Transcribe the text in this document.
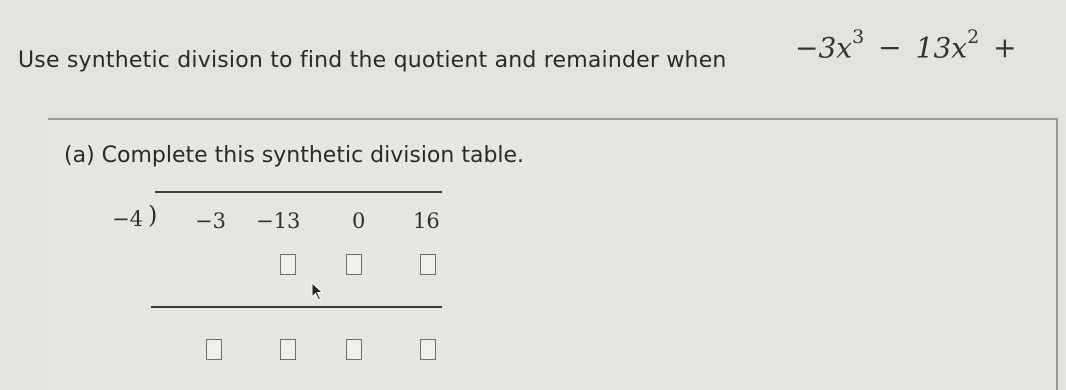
Use synthetic division to find the quotient and remainder when $-3x^3 - 13x^2$ +
(a) Complete this synthetic division table.
−4 ) −3 −13 0 16
